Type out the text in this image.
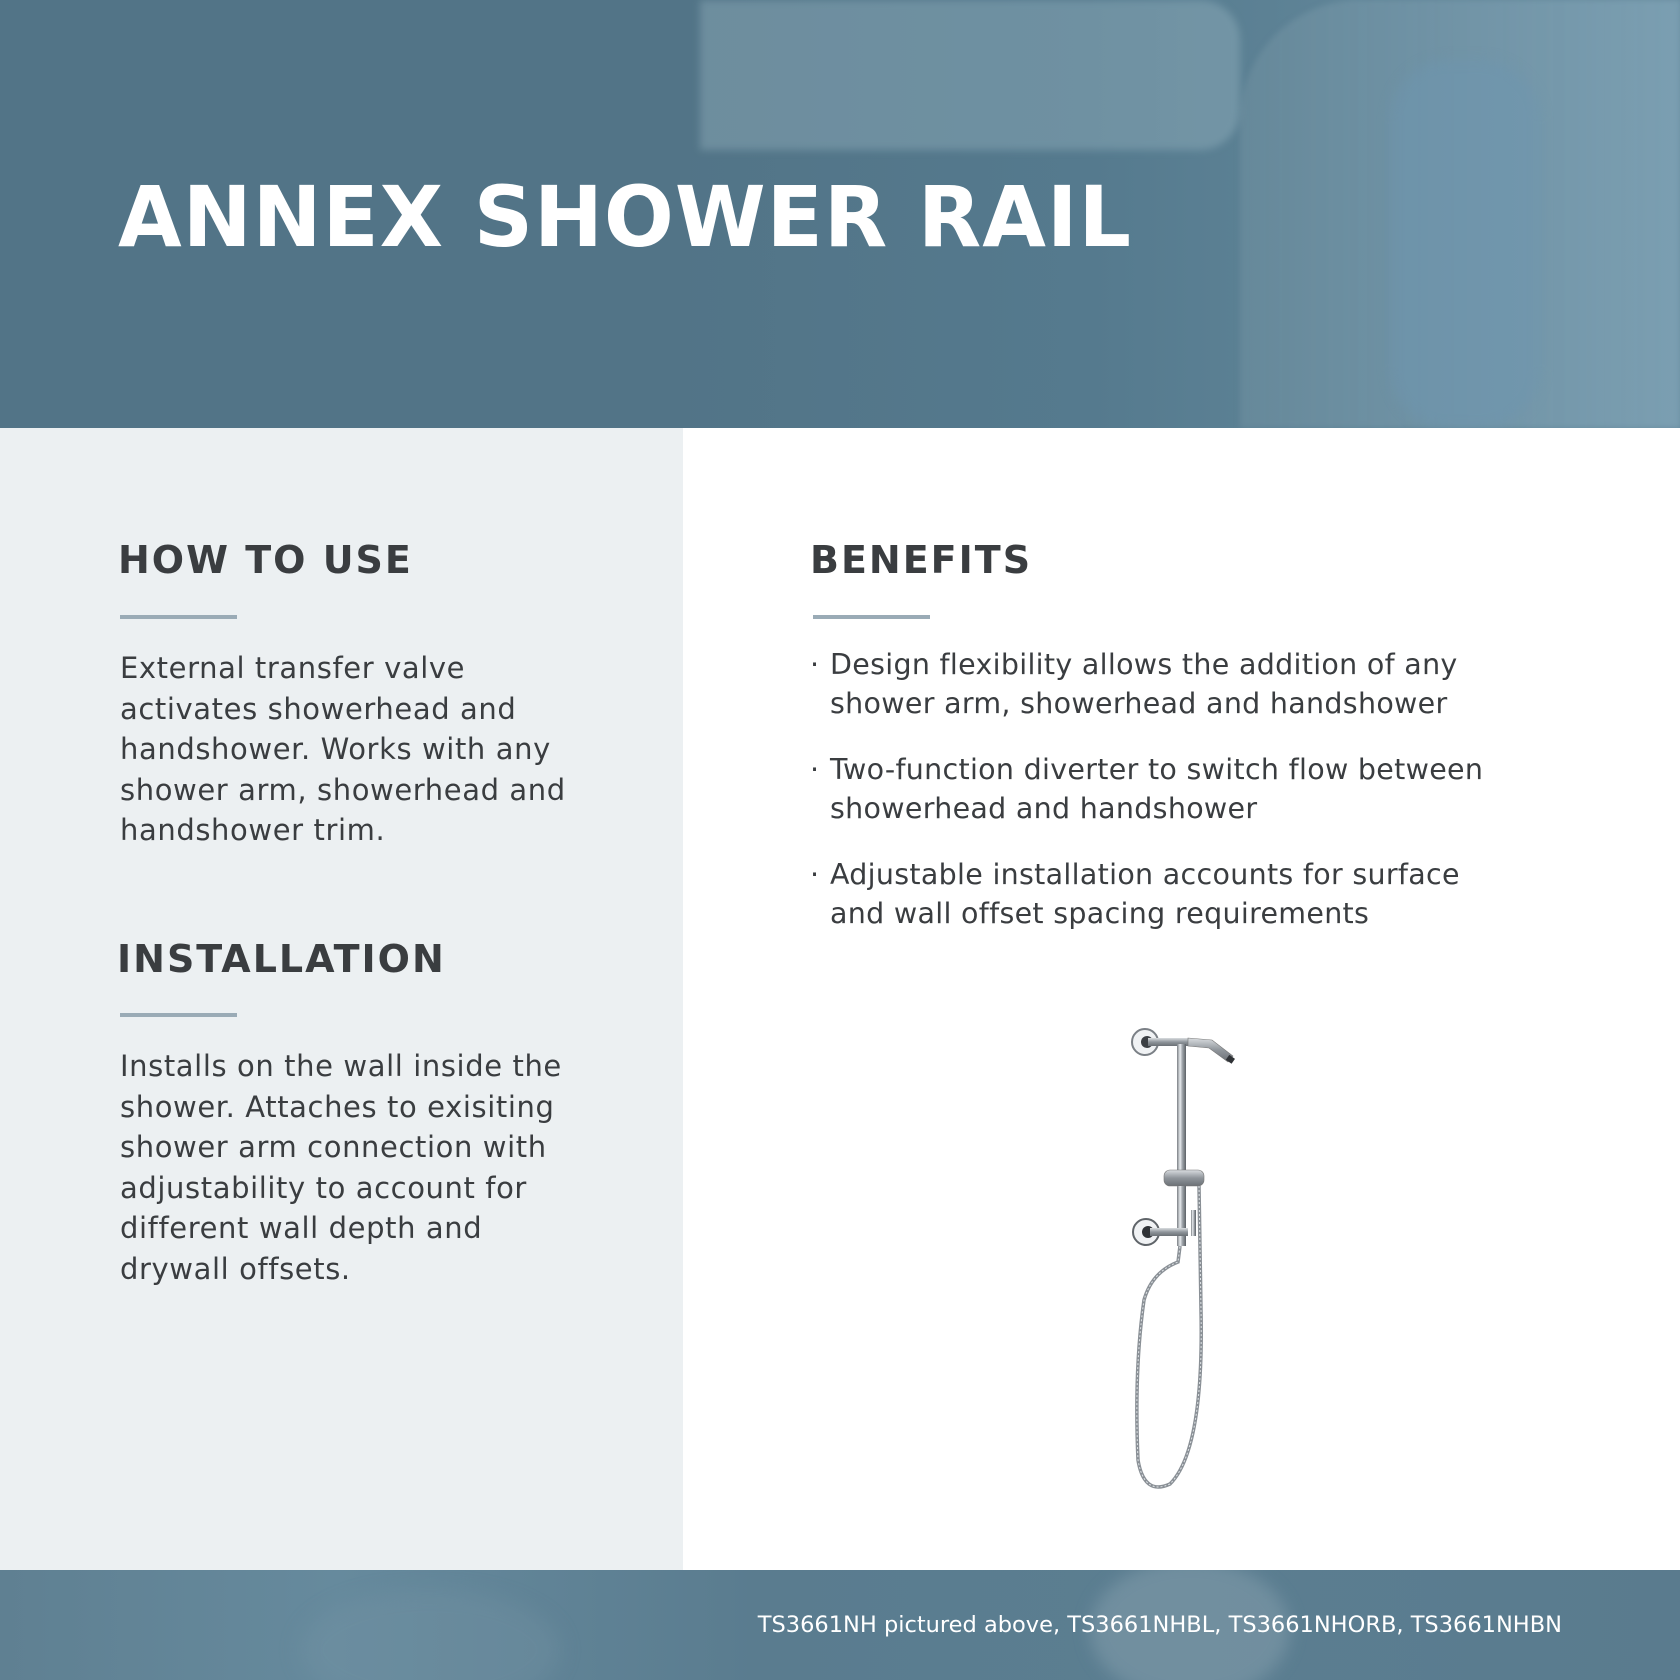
ANNEX SHOWER RAIL
HOW TO USE
External transfer valve
activates showerhead and
handshower. Works with any
shower arm, showerhead and
handshower trim.
INSTALLATION
Installs on the wall inside the
shower. Attaches to exisiting
shower arm connection with
adjustability to account for
different wall depth and
drywall offsets.
BENEFITS
· Design flexibility allows the addition of any
shower arm, showerhead and handshower
· Two-function diverter to switch flow between
showerhead and handshower
· Adjustable installation accounts for surface
and wall offset spacing requirements
TS3661NH pictured above, TS3661NHBL, TS3661NHORB, TS3661NHBN
